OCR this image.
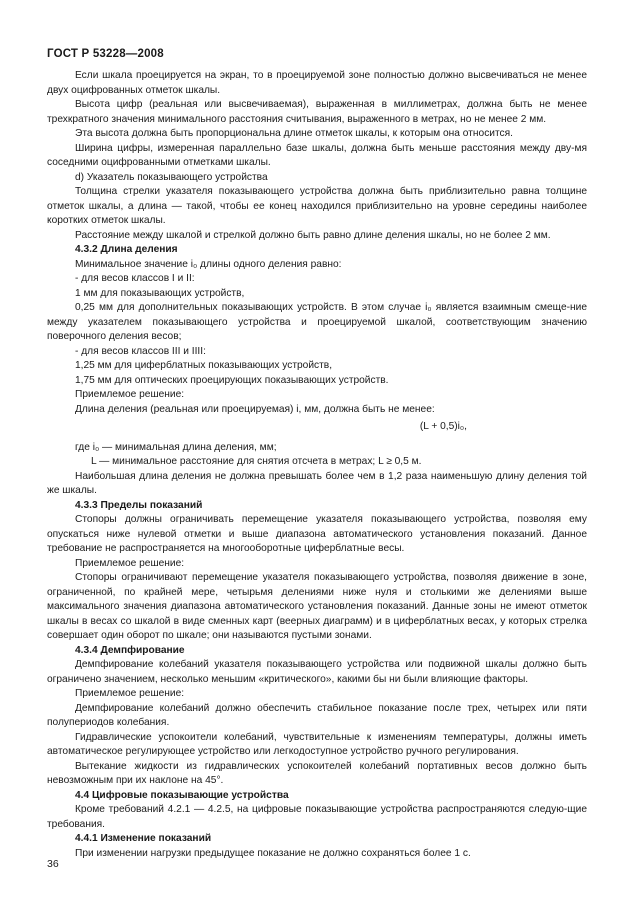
ГОСТ Р 53228—2008

Если шкала проецируется на экран, то в проецируемой зоне полностью должно высвечиваться не менее двух оцифрованных отметок шкалы.

Высота цифр (реальная или высвечиваемая), выраженная в миллиметрах, должна быть не менее трехкратного значения минимального расстояния считывания, выраженного в метрах, но не менее 2 мм.

Эта высота должна быть пропорциональна длине отметок шкалы, к которым она относится.

Ширина цифры, измеренная параллельно базе шкалы, должна быть меньше расстояния между дву-мя соседними оцифрованными отметками шкалы.

d) Указатель показывающего устройства

Толщина стрелки указателя показывающего устройства должна быть приблизительно равна толщине отметок шкалы, а длина — такой, чтобы ее конец находился приблизительно на уровне середины наиболее коротких отметок шкалы.

Расстояние между шкалой и стрелкой должно быть равно длине деления шкалы, но не более 2 мм.

4.3.2 Длина деления

Минимальное значение i₀ длины одного деления равно:

- для весов классов I и II:

1 мм для показывающих устройств,

0,25 мм для дополнительных показывающих устройств. В этом случае i₀ является взаимным смеще-ние между указателем показывающего устройства и проецируемой шкалой, соответствующим значению поверочного деления весов;

- для весов классов III и IIII:

1,25 мм для циферблатных показывающих устройств,

1,75 мм для оптических проецирующих показывающих устройств.

Приемлемое решение:

Длина деления (реальная или проецируемая) i, мм, должна быть не менее:

(L + 0,5)i₀,

где i₀ — минимальная длина деления, мм;

L — минимальное расстояние для снятия отсчета в метрах; L ≥ 0,5 м.

Наибольшая длина деления не должна превышать более чем в 1,2 раза наименьшую длину деления той же шкалы.

4.3.3 Пределы показаний

Стопоры должны ограничивать перемещение указателя показывающего устройства, позволяя ему опускаться ниже нулевой отметки и выше диапазона автоматического установления показаний. Данное требование не распространяется на многооборотные циферблатные весы.

Приемлемое решение:

Стопоры ограничивают перемещение указателя показывающего устройства, позволяя движение в зоне, ограниченной, по крайней мере, четырьмя делениями ниже нуля и столькими же делениями выше максимального значения диапазона автоматического установления показаний. Данные зоны не имеют отметок шкалы в весах со шкалой в виде сменных карт (веерных диаграмм) и в циферблатных весах, у которых стрелка совершает один оборот по шкале; они называются пустыми зонами.

4.3.4 Демпфирование

Демпфирование колебаний указателя показывающего устройства или подвижной шкалы должно быть ограничено значением, несколько меньшим «критического», какими бы ни были влияющие факторы.

Приемлемое решение:

Демпфирование колебаний должно обеспечить стабильное показание после трех, четырех или пяти полупериодов колебания.

Гидравлические успокоители колебаний, чувствительные к изменениям температуры, должны иметь автоматическое регулирующее устройство или легкодоступное устройство ручного регулирования.

Вытекание жидкости из гидравлических успокоителей колебаний портативных весов должно быть невозможным при их наклоне на 45°.

4.4 Цифровые показывающие устройства

Кроме требований 4.2.1 — 4.2.5, на цифровые показывающие устройства распространяются следую-щие требования.

4.4.1 Изменение показаний

При изменении нагрузки предыдущее показание не должно сохраняться более 1 с.

36
